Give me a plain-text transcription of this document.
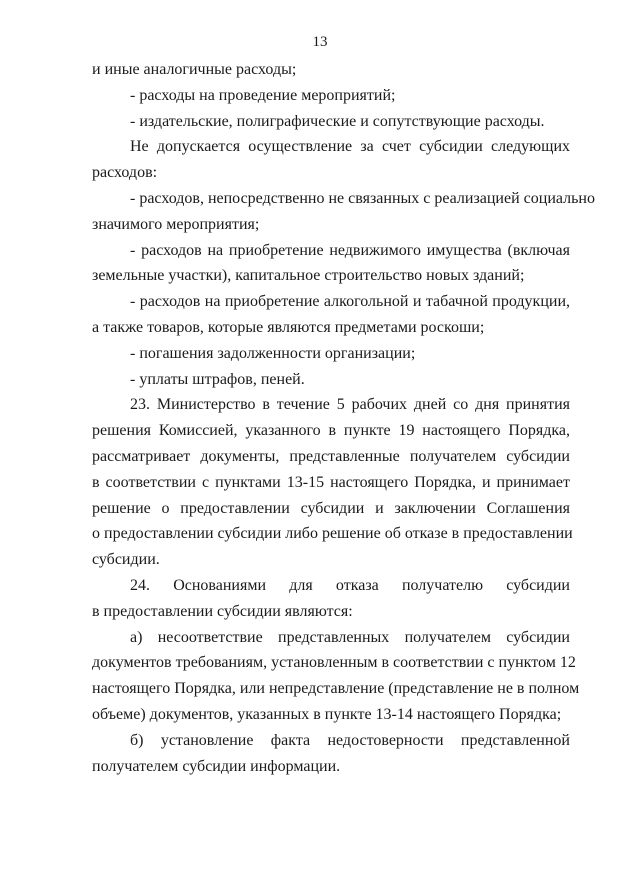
13
и иные аналогичные расходы;
- расходы на проведение мероприятий;
- издательские, полиграфические и сопутствующие расходы.
Не допускается осуществление за счет субсидии следующих
расходов:
- расходов, непосредственно не связанных с реализацией социально
значимого мероприятия;
- расходов на приобретение недвижимого имущества (включая
земельные участки), капитальное строительство новых зданий;
- расходов на приобретение алкогольной и табачной продукции,
а также товаров, которые являются предметами роскоши;
- погашения задолженности организации;
- уплаты штрафов, пеней.
23. Министерство в течение 5 рабочих дней со дня принятия
решения Комиссией, указанного в пункте 19 настоящего Порядка,
рассматривает документы, представленные получателем субсидии
в соответствии с пунктами 13-15 настоящего Порядка, и принимает
решение о предоставлении субсидии и заключении Соглашения
о предоставлении субсидии либо решение об отказе в предоставлении
субсидии.
24. Основаниями для отказа получателю субсидии
в предоставлении субсидии являются:
а) несоответствие представленных получателем субсидии
документов требованиям, установленным в соответствии с пунктом 12
настоящего Порядка, или непредставление (представление не в полном
объеме) документов, указанных в пункте 13-14 настоящего Порядка;
б) установление факта недостоверности представленной
получателем субсидии информации.
